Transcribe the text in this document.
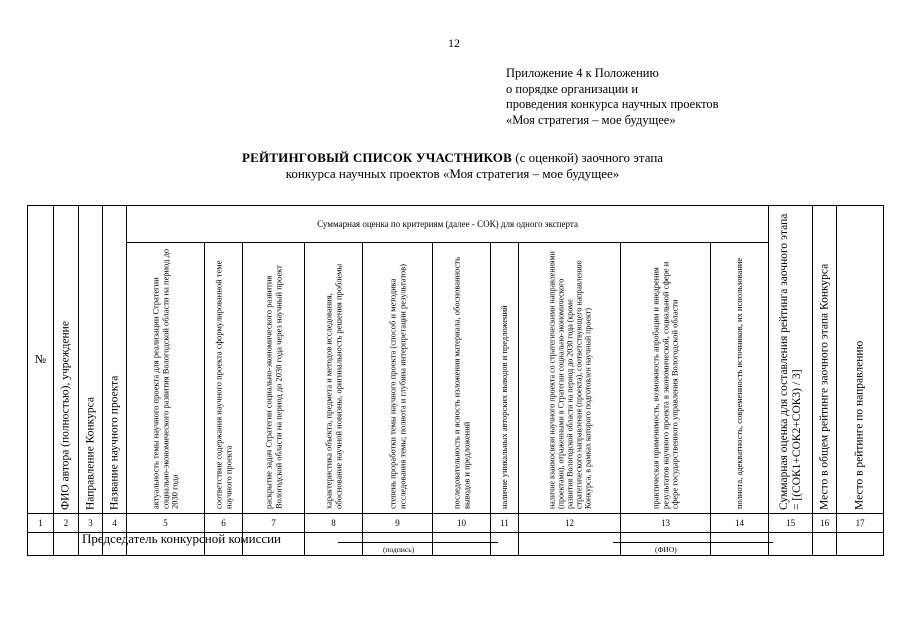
12
Приложение 4 к Положению
о порядке организации и
проведения конкурса научных проектов
«Моя стратегия – мое будущее»
РЕЙТИНГОВЫЙ СПИСОК УЧАСТНИКОВ (с оценкой) заочного этапа
конкурса научных проектов «Моя стратегия – мое будущее»
№	ФИО автора (полностью), учреждение	Направление Конкурса	Название научного проекта	Суммарная оценка по критериям (далее - СОК) для одного эксперта										Суммарная оценка для составления рейтинга заочного этапа = [(СОК1+СОК2+СОК3) / 3]	Место в общем рейтинге заочного этапа Конкурса	Место в рейтинге по направлению

				актуальность темы научного проекта для реализации Стратегии социально-экономического развития Вологодской области на период до 2030 года	соответствие содержания научного проекта сформулированной теме научного проекта	раскрытие задач Стратегии социально-экономического развития Вологодской области на период до 2030 года через научный проект	характеристика объекта, предмета и методов исследования, обоснование научной новизны, оригинальность решения проблемы	степень проработки темы научного проекта (способ и методика исследования темы; полнота и глубина интерпретации результатов)	последовательность и ясность изложения материала, обоснованность выводов и предложений	наличие уникальных авторских выводов и предложений	наличие взаимосвязи научного проекта со стратегическими направлениями (проектами), отраженными в Стратегии социально-экономического развития Вологодской области на период до 2030 года (кроме стратегического направления (проекта), соответствующего направлению Конкурса, в рамках которого подготовлен научный проект)	практическая применимость, возможность апробации и внедрения результатов научного проекта в экономической, социальной сфере и сфере государственного управления Вологодской области	полнота, адекватность, современность источников, их использование			

1	2	3	4	5	6	7	8	9	10	11	12	13	14	15	16	17

Председатель конкурсной комиссии
(подпись)	(ФИО)
